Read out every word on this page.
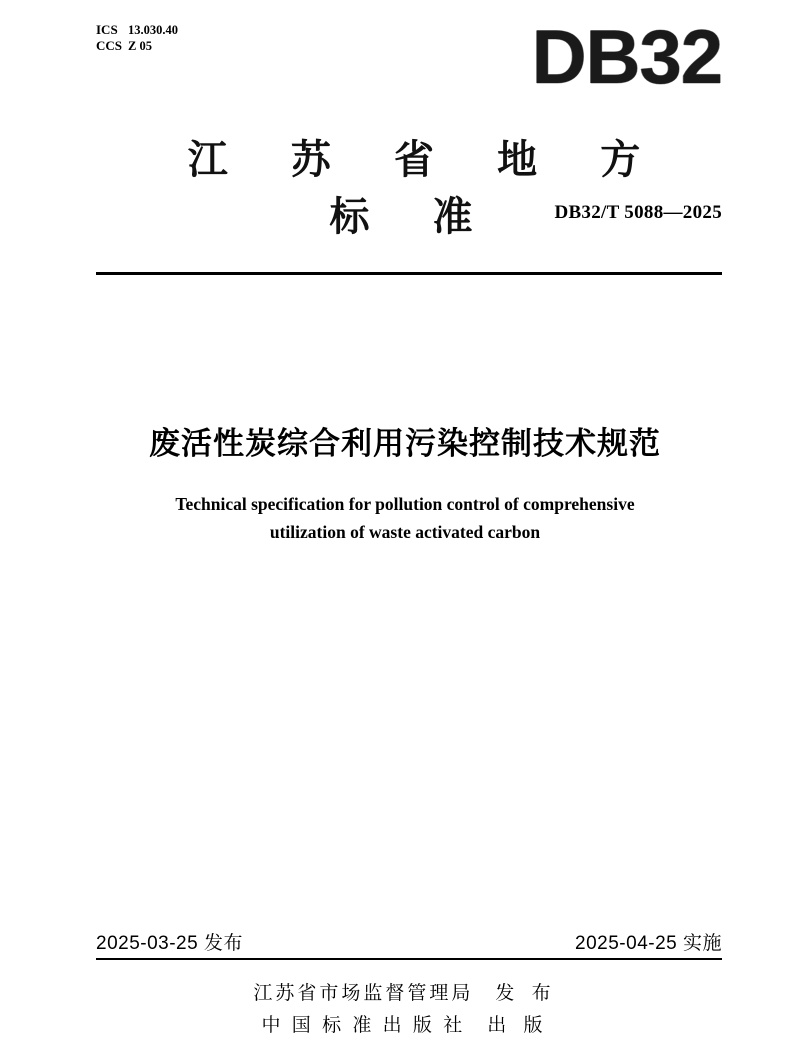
ICS 13.030.40
CCS Z 05	DB32
江 苏 省 地 方 标 准	DB32/T 5088—2025
废活性炭综合利用污染控制技术规范
Technical specification for pollution control of comprehensive
utilization of waste activated carbon
2025-03-25 发布	2025-04-25 实施
江苏省市场监督管理局 发 布
中 国 标 准 出 版 社 出 版
